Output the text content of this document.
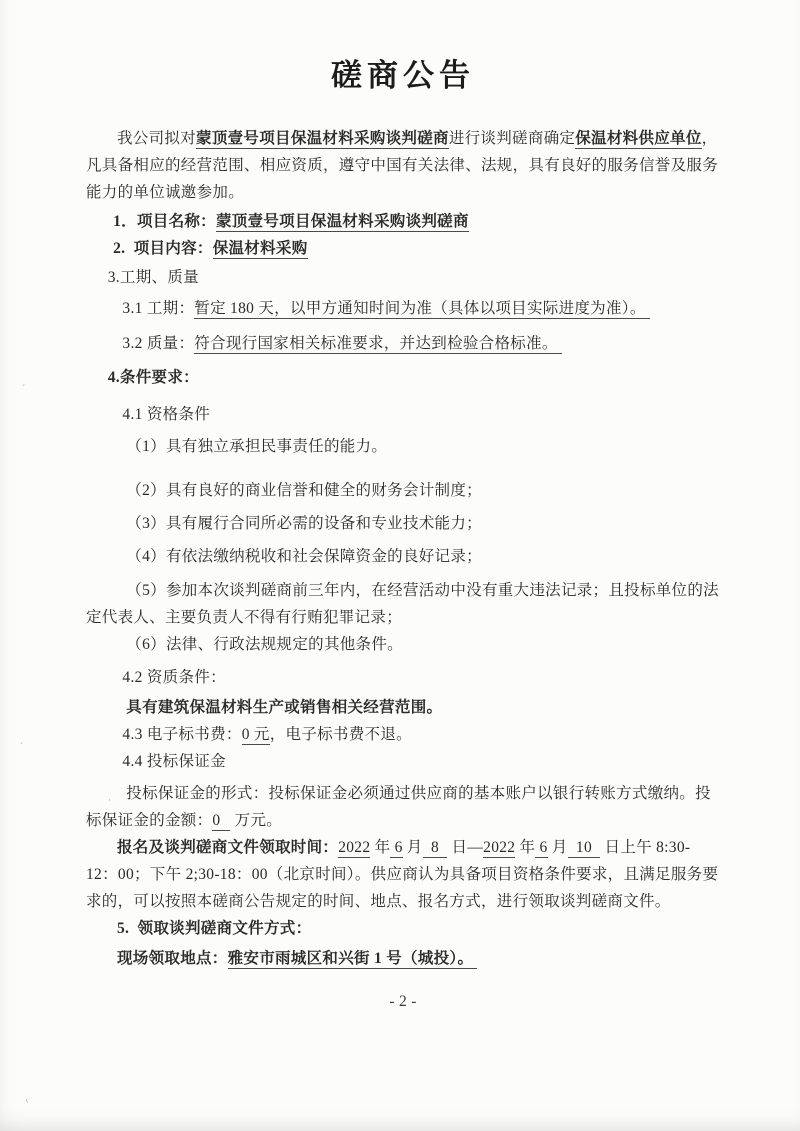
磋商公告

我公司拟对蒙顶壹号项目保温材料采购谈判磋商进行谈判磋商确定保温材料供应单位，凡具备相应的经营范围、相应资质，遵守中国有关法律、法规，具有良好的服务信誉及服务能力的单位诚邀参加。

1．项目名称：蒙顶壹号项目保温材料采购谈判磋商

2.  项目内容：保温材料采购

3.工期、质量

3.1 工期：暂定 180 天，以甲方通知时间为准（具体以项目实际进度为准）。

3.2 质量：符合现行国家相关标准要求，并达到检验合格标准。

4.条件要求：

4.1 资格条件

（1）具有独立承担民事责任的能力。

（2）具有良好的商业信誉和健全的财务会计制度；

（3）具有履行合同所必需的设备和专业技术能力；

（4）有依法缴纳税收和社会保障资金的良好记录；

（5）参加本次谈判磋商前三年内，在经营活动中没有重大违法记录；且投标单位的法定代表人、主要负责人不得有行贿犯罪记录；

（6）法律、行政法规规定的其他条件。

4.2 资质条件：

具有建筑保温材料生产或销售相关经营范围。

4.3 电子标书费：0 元，电子标书费不退。

4.4 投标保证金

投标保证金的形式：投标保证金必须通过供应商的基本账户以银行转账方式缴纳。投标保证金的金额：0 万元。

报名及谈判磋商文件领取时间：2022 年 6 月  8   日—2022 年 6 月  10   日上午 8:30-12：00；下午 2;30-18：00（北京时间）。供应商认为具备项目资格条件要求，且满足服务要求的，可以按照本磋商公告规定的时间、地点、报名方式，进行领取谈判磋商文件。

5.  领取谈判磋商文件方式：

现场领取地点：雅安市雨城区和兴街 1 号（城投）。

- 2 -

ˊ
ˊ
·
ˤ
